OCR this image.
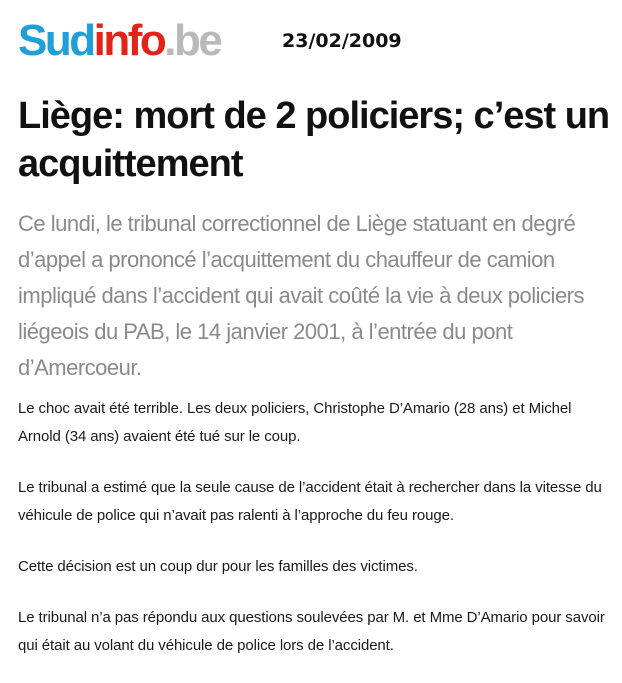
Sud info .be	23/02/2009
Liège: mort de 2 policiers; c’est un acquittement

Ce lundi, le tribunal correctionnel de Liège statuant en degré d’appel a prononcé l’acquittement du chauffeur de camion impliqué dans l’accident qui avait coûté la vie à deux policiers liégeois du PAB, le 14 janvier 2001, à l’entrée du pont d’Amercoeur.

Le choc avait été terrible. Les deux policiers, Christophe D’Amario (28 ans) et Michel Arnold (34 ans) avaient été tué sur le coup.

Le tribunal a estimé que la seule cause de l’accident était à rechercher dans la vitesse du véhicule de police qui n’avait pas ralenti à l’approche du feu rouge.

Cette décision est un coup dur pour les familles des victimes.

Le tribunal n’a pas répondu aux questions soulevées par M. et Mme D’Amario pour savoir qui était au volant du véhicule de police lors de l’accident.
